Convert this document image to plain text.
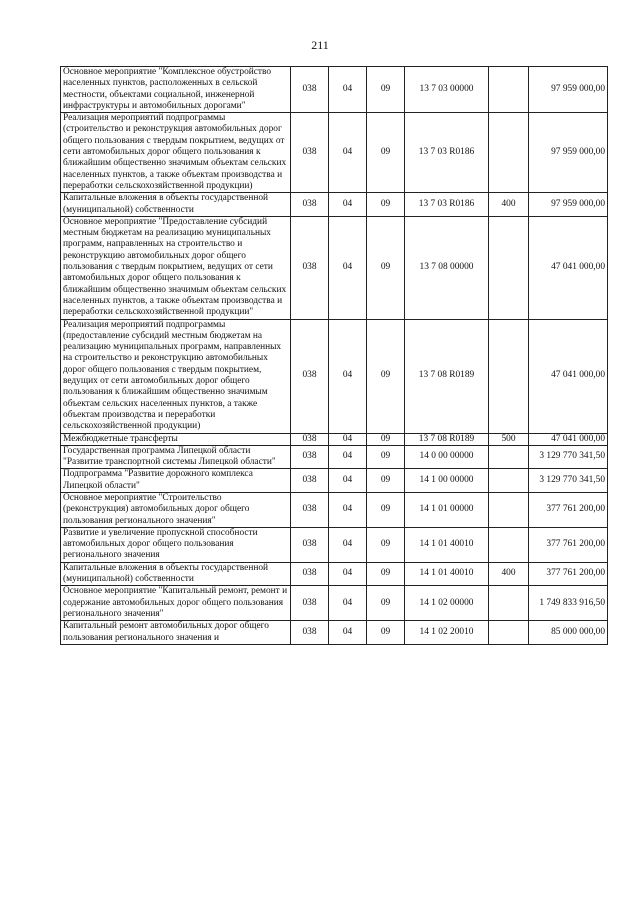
211
Основное мероприятие "Комплексное обустройство населенных пунктов, расположенных в сельской местности, объектами социальной, инженерной инфраструктуры и автомобильных дорогами"	038	04	09	13 7 03 00000		97 959 000,00
Реализация мероприятий подпрограммы (строительство и реконструкция автомобильных дорог общего пользования с твердым покрытием, ведущих от сети автомобильных дорог общего пользования к ближайшим общественно значимым объектам сельских населенных пунктов, а также объектам производства и переработки сельскохозяйственной продукции)	038	04	09	13 7 03 R0186		97 959 000,00
Капитальные вложения в объекты государственной (муниципальной) собственности	038	04	09	13 7 03 R0186	400	97 959 000,00
Основное мероприятие "Предоставление субсидий местным бюджетам на реализацию муниципальных программ, направленных на строительство и реконструкцию автомобильных дорог общего пользования с твердым покрытием, ведущих от сети автомобильных дорог общего пользования к ближайшим общественно значимым объектам сельских населенных пунктов, а также объектам производства и переработки сельскохозяйственной продукции"	038	04	09	13 7 08 00000		47 041 000,00
Реализация мероприятий подпрограммы (предоставление субсидий местным бюджетам на реализацию муниципальных программ, направленных на строительство и реконструкцию автомобильных дорог общего пользования с твердым покрытием, ведущих от сети автомобильных дорог общего пользования к ближайшим общественно значимым объектам сельских населенных пунктов, а также объектам производства и переработки сельскохозяйственной продукции)	038	04	09	13 7 08 R0189		47 041 000,00
Межбюджетные трансферты	038	04	09	13 7 08 R0189	500	47 041 000,00
Государственная программа Липецкой области "Развитие транспортной системы Липецкой области"	038	04	09	14 0 00 00000		3 129 770 341,50
Подпрограмма "Развитие дорожного комплекса Липецкой области"	038	04	09	14 1 00 00000		3 129 770 341,50
Основное мероприятие "Строительство (реконструкция) автомобильных дорог общего пользования регионального значения"	038	04	09	14 1 01 00000		377 761 200,00
Развитие и увеличение пропускной способности автомобильных дорог общего пользования регионального значения	038	04	09	14 1 01 40010		377 761 200,00
Капитальные вложения в объекты государственной (муниципальной) собственности	038	04	09	14 1 01 40010	400	377 761 200,00
Основное мероприятие "Капитальный ремонт, ремонт и содержание автомобильных дорог общего пользования регионального значения"	038	04	09	14 1 02 00000		1 749 833 916,50
Капитальный ремонт автомобильных дорог общего пользования регионального значения и	038	04	09	14 1 02 20010		85 000 000,00
